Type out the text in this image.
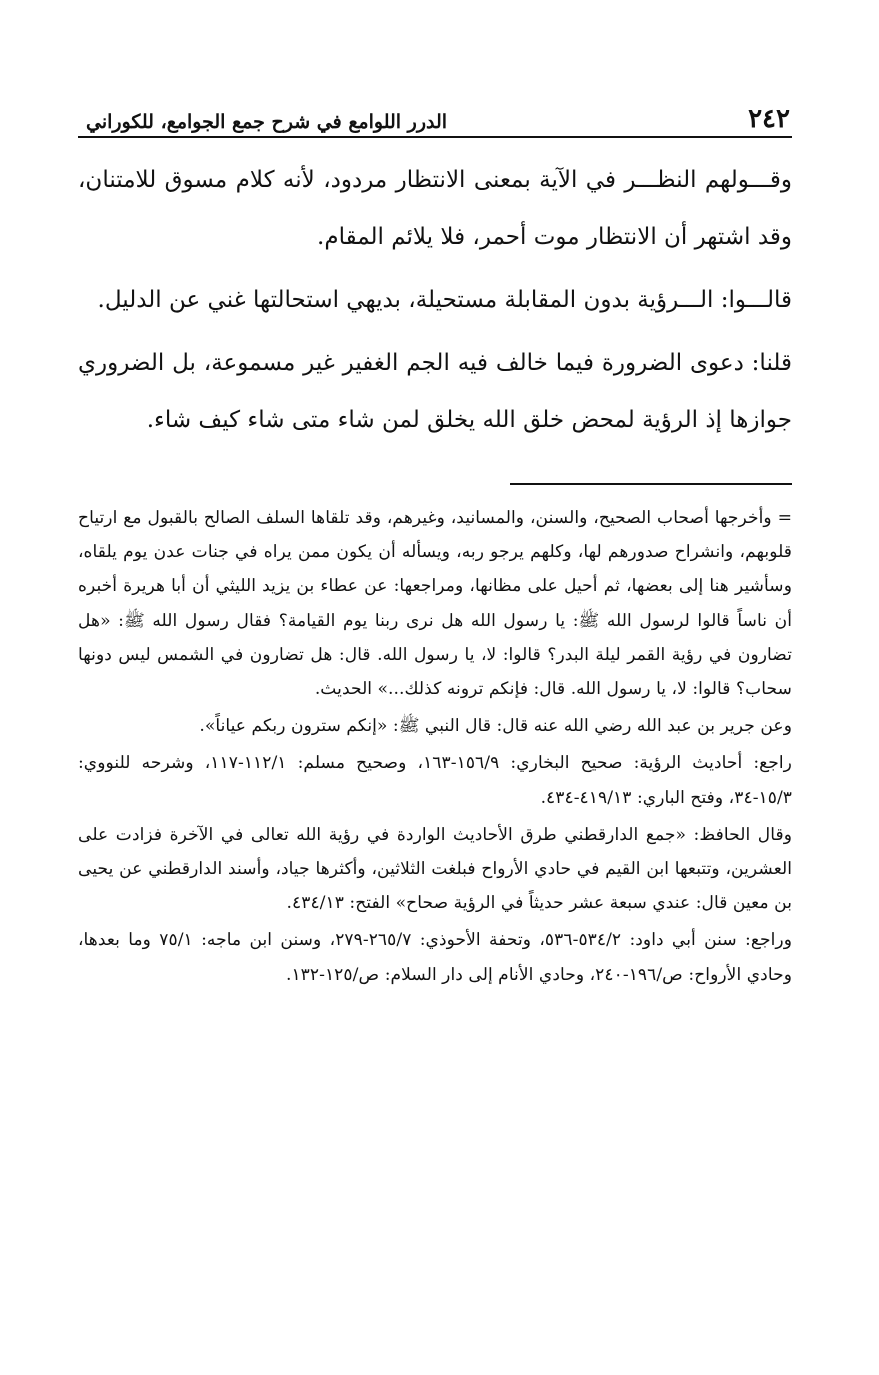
٢٤٢
الدرر اللوامع في شرح جمع الجوامع، للكوراني

وقـــولهم النظـــر في الآية بمعنى الانتظار مردود، لأنه كلام مسوق للامتنان، وقد اشتهر أن الانتظار موت أحمر، فلا يلائم المقام.

قالـــوا: الـــرؤية بدون المقابلة مستحيلة، بديهي استحالتها غني عن الدليل.

قلنا: دعوى الضرورة فيما خالف فيه الجم الغفير غير مسموعة، بل الضروري جوازها إذ الرؤية لمحض خلق الله يخلق لمن شاء متى شاء كيف شاء.

= وأخرجها أصحاب الصحيح، والسنن، والمسانيد، وغيرهم، وقد تلقاها السلف الصالح بالقبول مع ارتياح قلوبهم، وانشراح صدورهم لها، وكلهم يرجو ربه، ويسأله أن يكون ممن يراه في جنات عدن يوم يلقاه، وسأشير هنا إلى بعضها، ثم أحيل على مظانها، ومراجعها: عن عطاء بن يزيد الليثي أن أبا هريرة أخبره أن ناساً قالوا لرسول الله ﷺ: يا رسول الله هل نرى ربنا يوم القيامة؟ فقال رسول الله ﷺ: «هل تضارون في رؤية القمر ليلة البدر؟ قالوا: لا، يا رسول الله. قال: هل تضارون في الشمس ليس دونها سحاب؟ قالوا: لا، يا رسول الله. قال: فإنكم ترونه كذلك...» الحديث.

وعن جرير بن عبد الله رضي الله عنه قال: قال النبي ﷺ: «إنكم سترون ربكم عياناً».

راجع: أحاديث الرؤية: صحيح البخاري: ١٥٦/٩-١٦٣، وصحيح مسلم: ١١٢/١-١١٧، وشرحه للنووي: ١٥/٣-٣٤، وفتح الباري: ٤١٩/١٣-٤٣٤.

وقال الحافظ: «جمع الدارقطني طرق الأحاديث الواردة في رؤية الله تعالى في الآخرة فزادت على العشرين، وتتبعها ابن القيم في حادي الأرواح فبلغت الثلاثين، وأكثرها جياد، وأسند الدارقطني عن يحيى بن معين قال: عندي سبعة عشر حديثاً في الرؤية صحاح» الفتح: ٤٣٤/١٣.

وراجع: سنن أبي داود: ٥٣٤/٢-٥٣٦، وتحفة الأحوذي: ٢٦٥/٧-٢٧٩، وسنن ابن ماجه: ٧٥/١ وما بعدها، وحادي الأرواح: ص/١٩٦-٢٤٠، وحادي الأنام إلى دار السلام: ص/١٢٥-١٣٢.
